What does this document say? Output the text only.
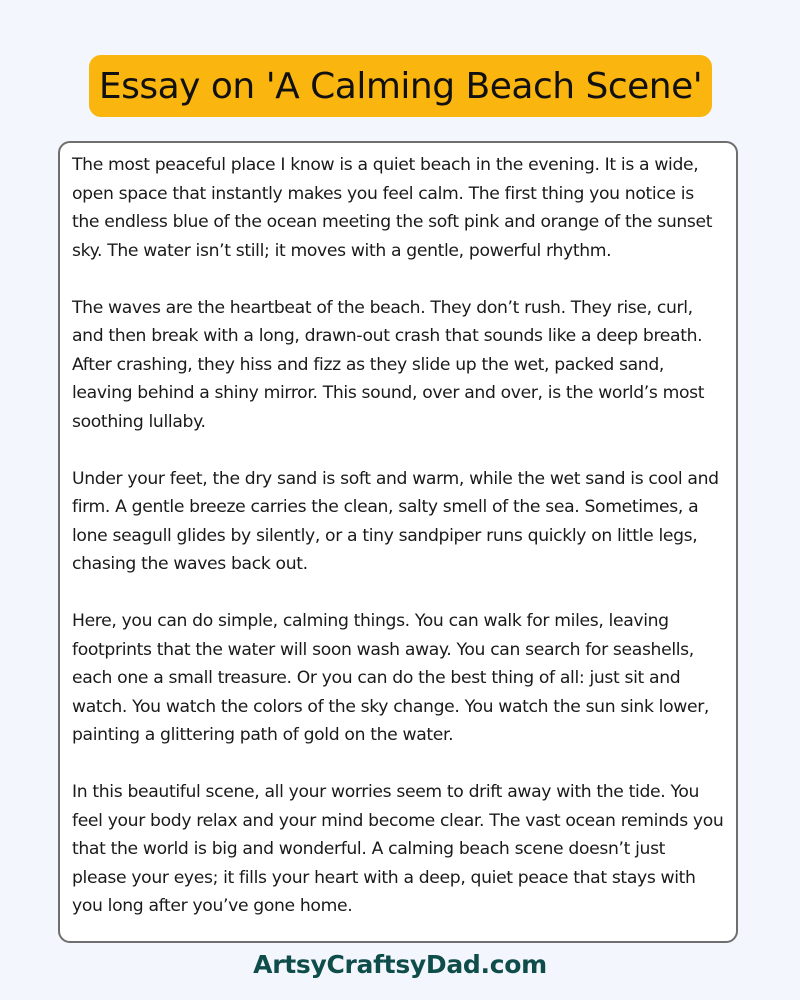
Essay on 'A Calming Beach Scene'

The most peaceful place I know is a quiet beach in the evening. It is a wide, open space that instantly makes you feel calm. The first thing you notice is the endless blue of the ocean meeting the soft pink and orange of the sunset sky. The water isn’t still; it moves with a gentle, powerful rhythm.

The waves are the heartbeat of the beach. They don’t rush. They rise, curl, and then break with a long, drawn-out crash that sounds like a deep breath. After crashing, they hiss and fizz as they slide up the wet, packed sand, leaving behind a shiny mirror. This sound, over and over, is the world’s most soothing lullaby.

Under your feet, the dry sand is soft and warm, while the wet sand is cool and firm. A gentle breeze carries the clean, salty smell of the sea. Sometimes, a lone seagull glides by silently, or a tiny sandpiper runs quickly on little legs, chasing the waves back out.

Here, you can do simple, calming things. You can walk for miles, leaving footprints that the water will soon wash away. You can search for seashells, each one a small treasure. Or you can do the best thing of all: just sit and watch. You watch the colors of the sky change. You watch the sun sink lower, painting a glittering path of gold on the water.

In this beautiful scene, all your worries seem to drift away with the tide. You feel your body relax and your mind become clear. The vast ocean reminds you that the world is big and wonderful. A calming beach scene doesn’t just please your eyes; it fills your heart with a deep, quiet peace that stays with you long after you’ve gone home.

ArtsyCraftsyDad.com
